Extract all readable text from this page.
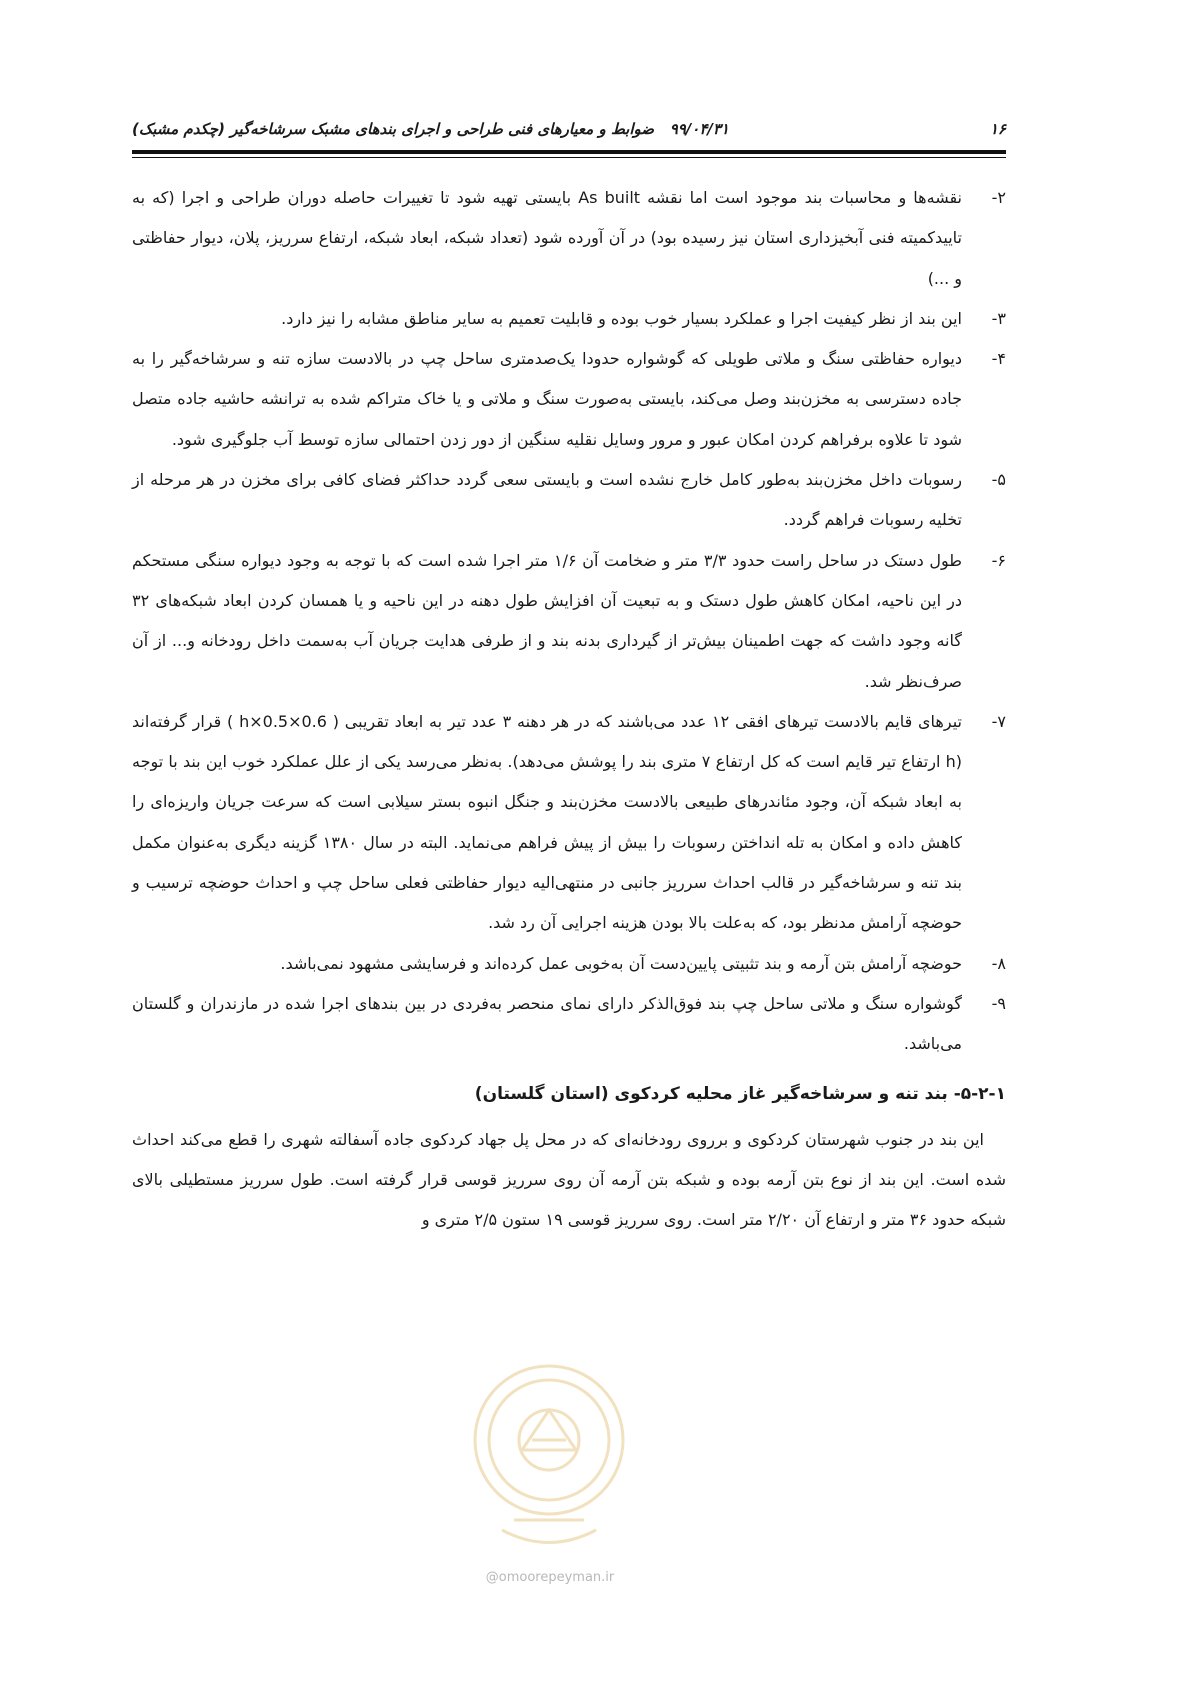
۱۶
۹۹/۰۴/۳۱   ضوابط و معیارهای فنی طراحی و اجرای بندهای مشبک سرشاخه‌گیر (چکدم مشبک)
۲-
نقشه‌ها و محاسبات بند موجود است اما نقشه As built بایستی تهیه شود تا تغییرات حاصله دوران طراحی و اجرا (که به تاییدکمیته فنی آبخیزداری استان نیز رسیده بود) در آن آورده شود (تعداد شبکه، ابعاد شبکه، ارتفاع سرریز، پلان، دیوار حفاظتی و ...)
۳-
این بند از نظر کیفیت اجرا و عملکرد بسیار خوب بوده و قابلیت تعمیم به سایر مناطق مشابه را نیز دارد.
۴-
دیواره حفاظتی سنگ و ملاتی طویلی که گوشواره حدودا یک‌صدمتری ساحل چپ در بالادست سازه تنه و سرشاخه‌گیر را به جاده دسترسی به مخزن‌بند وصل می‌کند، بایستی به‌صورت سنگ و ملاتی و یا خاک متراکم شده به ترانشه حاشیه جاده متصل شود تا علاوه برفراهم کردن امکان عبور و مرور وسایل نقلیه سنگین از دور زدن احتمالی سازه توسط آب جلوگیری شود.
۵-
رسوبات داخل مخزن‌بند به‌طور کامل خارج نشده است و بایستی سعی گردد حداکثر فضای کافی برای مخزن در هر مرحله از تخلیه رسوبات فراهم گردد.
۶-
طول دستک در ساحل راست حدود ۳/۳ متر و ضخامت آن ۱/۶ متر اجرا شده است که با توجه به وجود دیواره سنگی مستحکم در این ناحیه، امکان کاهش طول دستک و به تبعیت آن افزایش طول دهنه در این ناحیه و یا همسان کردن ابعاد شبکه‌های ۳۲ گانه وجود داشت که جهت اطمینان بیش‌تر از گیرداری بدنه بند و از طرفی هدایت جریان آب به‌سمت داخل رودخانه و... از آن صرف‌نظر شد.
۷-
تیرهای قایم بالادست تیرهای افقی ۱۲ عدد می‌باشند که در هر دهنه ۳ عدد تیر به ابعاد تقریبی ( 0.6×0.5×h ) قرار گرفته‌اند (h ارتفاع تیر قایم است که کل ارتفاع ۷ متری بند را پوشش می‌دهد). به‌نظر می‌رسد یکی از علل عملکرد خوب این بند با توجه به ابعاد شبکه آن، وجود مئاندرهای طبیعی بالادست مخزن‌بند و جنگل انبوه بستر سیلابی است که سرعت جریان واریزه‌ای را کاهش داده و امکان به تله انداختن رسوبات را بیش از پیش فراهم می‌نماید. البته در سال ۱۳۸۰ گزینه دیگری به‌عنوان مکمل بند تنه و سرشاخه‌گیر در قالب احداث سرریز جانبی در منتهی‌الیه دیوار حفاظتی فعلی ساحل چپ و احداث حوضچه ترسیب و حوضچه آرامش مدنظر بود، که به‌علت بالا بودن هزینه اجرایی آن رد شد.
۸-
حوضچه آرامش بتن آرمه و بند تثبیتی پایین‌دست آن به‌خوبی عمل کرده‌اند و فرسایشی مشهود نمی‌باشد.
۹-
گوشواره سنگ و ملاتی ساحل چپ بند فوق‌الذکر دارای نمای منحصر به‌فردی در بین بندهای اجرا شده در مازندران و گلستان می‌باشد.
۵-۲-۱- بند تنه و سرشاخه‌گیر غاز محلیه کردکوی (استان گلستان)
این بند در جنوب شهرستان کردکوی و برروی رودخانه‌ای که در محل پل جهاد کردکوی جاده آسفالته شهری را قطع می‌کند احداث شده است. این بند از نوع بتن آرمه بوده و شبکه بتن آرمه آن روی سرریز قوسی قرار گرفته است. طول سرریز مستطیلی بالای شبکه حدود ۳۶ متر و ارتفاع آن ۲/۲۰ متر است. روی سرریز قوسی ۱۹ ستون ۲/۵ متری و
@omoorepeyman.ir
